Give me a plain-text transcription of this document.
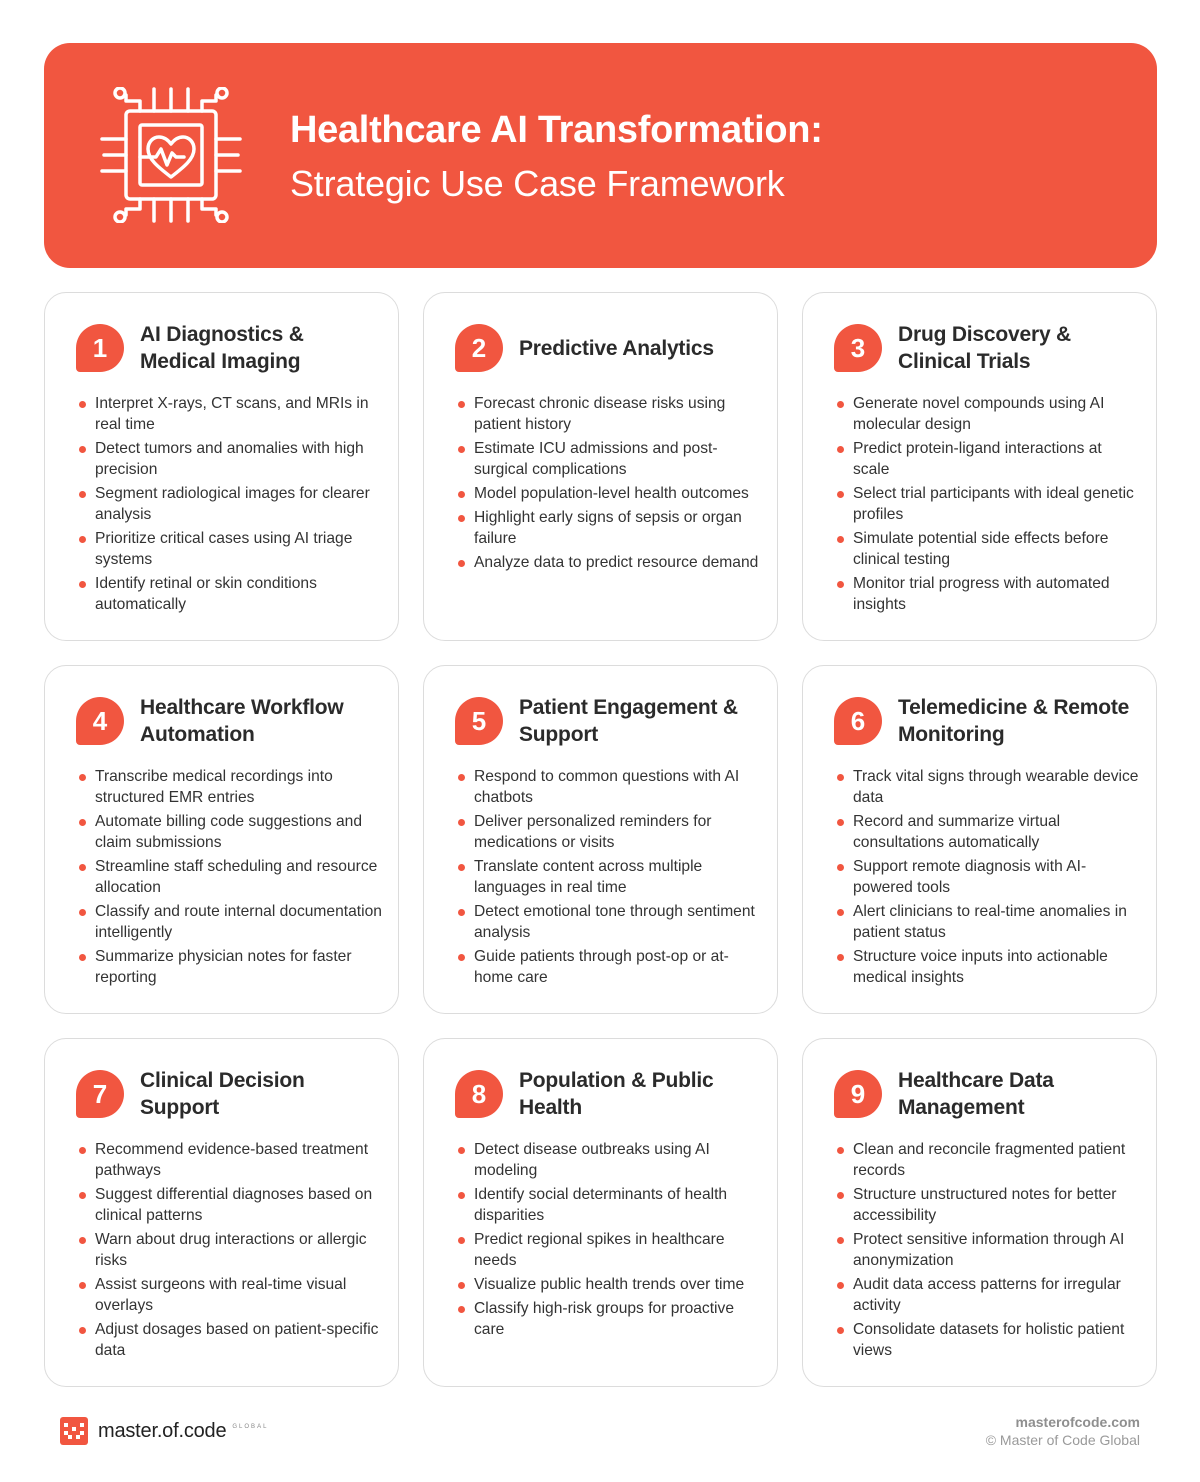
Healthcare AI Transformation:
Strategic Use Case Framework
1	AI Diagnostics & Medical Imaging
Interpret X-rays, CT scans, and MRIs in real time
Detect tumors and anomalies with high precision
Segment radiological images for clearer analysis
Prioritize critical cases using AI triage systems
Identify retinal or skin conditions automatically
2	Predictive Analytics
Forecast chronic disease risks using patient history
Estimate ICU admissions and post-surgical complications
Model population-level health outcomes
Highlight early signs of sepsis or organ failure
Analyze data to predict resource demand
3	Drug Discovery & Clinical Trials
Generate novel compounds using AI molecular design
Predict protein-ligand interactions at scale
Select trial participants with ideal genetic profiles
Simulate potential side effects before clinical testing
Monitor trial progress with automated insights
4	Healthcare Workflow Automation
Transcribe medical recordings into structured EMR entries
Automate billing code suggestions and claim submissions
Streamline staff scheduling and resource allocation
Classify and route internal documentation intelligently
Summarize physician notes for faster reporting
5	Patient Engagement & Support
Respond to common questions with AI chatbots
Deliver personalized reminders for medications or visits
Translate content across multiple languages in real time
Detect emotional tone through sentiment analysis
Guide patients through post-op or at-home care
6	Telemedicine & Remote Monitoring
Track vital signs through wearable device data
Record and summarize virtual consultations automatically
Support remote diagnosis with AI-powered tools
Alert clinicians to real-time anomalies in patient status
Structure voice inputs into actionable medical insights
7	Clinical Decision Support
Recommend evidence-based treatment pathways
Suggest differential diagnoses based on clinical patterns
Warn about drug interactions or allergic risks
Assist surgeons with real-time visual overlays
Adjust dosages based on patient-specific data
8	Population & Public Health
Detect disease outbreaks using AI modeling
Identify social determinants of health disparities
Predict regional spikes in healthcare needs
Visualize public health trends over time
Classify high-risk groups for proactive care
9	Healthcare Data Management
Clean and reconcile fragmented patient records
Structure unstructured notes for better accessibility
Protect sensitive information through AI anonymization
Audit data access patterns for irregular activity
Consolidate datasets for holistic patient views
master.of.code GLOBAL	masterofcode.com
© Master of Code Global
